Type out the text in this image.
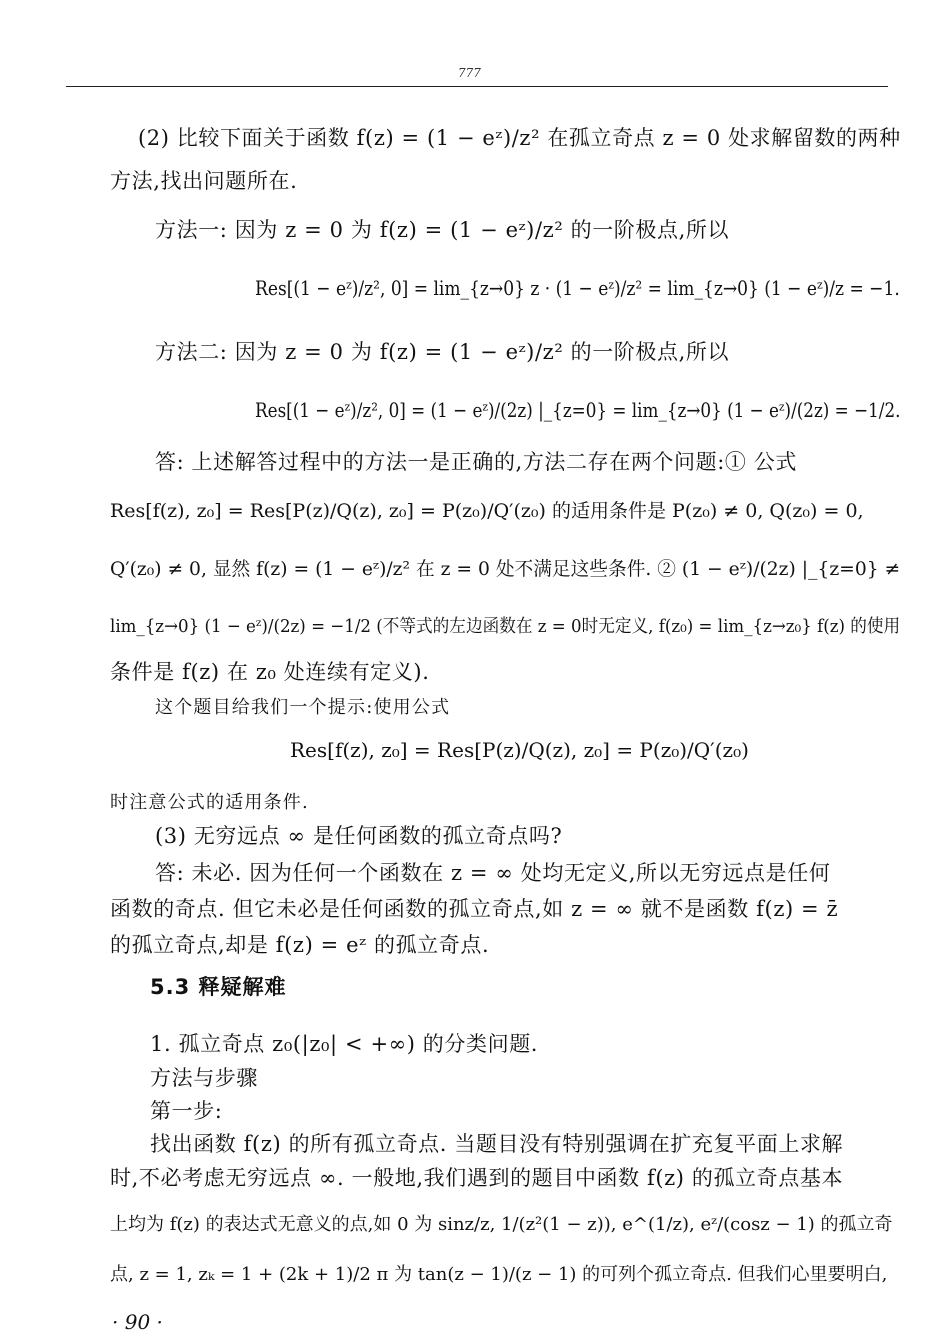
777
(2) 比较下面关于函数 f(z) = (1 − eᶻ)/z² 在孤立奇点 z = 0 处求解留数的两种
方法,找出问题所在.
方法一: 因为 z = 0 为 f(z) = (1 − eᶻ)/z² 的一阶极点,所以
Res[(1 − eᶻ)/z², 0] = lim_{z→0} z · (1 − eᶻ)/z² = lim_{z→0} (1 − eᶻ)/z = −1.
方法二: 因为 z = 0 为 f(z) = (1 − eᶻ)/z² 的一阶极点,所以
Res[(1 − eᶻ)/z², 0] = (1 − eᶻ)/(2z) |_{z=0} = lim_{z→0} (1 − eᶻ)/(2z) = −1/2.
答: 上述解答过程中的方法一是正确的,方法二存在两个问题:① 公式
Res[f(z), z₀] = Res[P(z)/Q(z), z₀] = P(z₀)/Q′(z₀) 的适用条件是 P(z₀) ≠ 0, Q(z₀) = 0,
Q′(z₀) ≠ 0, 显然 f(z) = (1 − eᶻ)/z² 在 z = 0 处不满足这些条件. ② (1 − eᶻ)/(2z) |_{z=0} ≠
lim_{z→0} (1 − eᶻ)/(2z) = −1/2 (不等式的左边函数在 z = 0时无定义, f(z₀) = lim_{z→z₀} f(z) 的使用
条件是 f(z) 在 z₀ 处连续有定义).
这个题目给我们一个提示:使用公式
Res[f(z), z₀] = Res[P(z)/Q(z), z₀] = P(z₀)/Q′(z₀)
时注意公式的适用条件.
(3) 无穷远点 ∞ 是任何函数的孤立奇点吗?
答: 未必. 因为任何一个函数在 z = ∞ 处均无定义,所以无穷远点是任何
函数的奇点. 但它未必是任何函数的孤立奇点,如 z = ∞ 就不是函数 f(z) = z̄
的孤立奇点,却是 f(z) = eᶻ 的孤立奇点.
5.3 释疑解难
1. 孤立奇点 z₀(|z₀| < +∞) 的分类问题.
方法与步骤
第一步:
找出函数 f(z) 的所有孤立奇点. 当题目没有特别强调在扩充复平面上求解
时,不必考虑无穷远点 ∞. 一般地,我们遇到的题目中函数 f(z) 的孤立奇点基本
上均为 f(z) 的表达式无意义的点,如 0 为 sinz/z, 1/(z²(1 − z)), e^(1/z), eᶻ/(cosz − 1) 的孤立奇
点, z = 1, zₖ = 1 + (2k + 1)/2 π 为 tan(z − 1)/(z − 1) 的可列个孤立奇点. 但我们心里要明白,
· 90 ·
